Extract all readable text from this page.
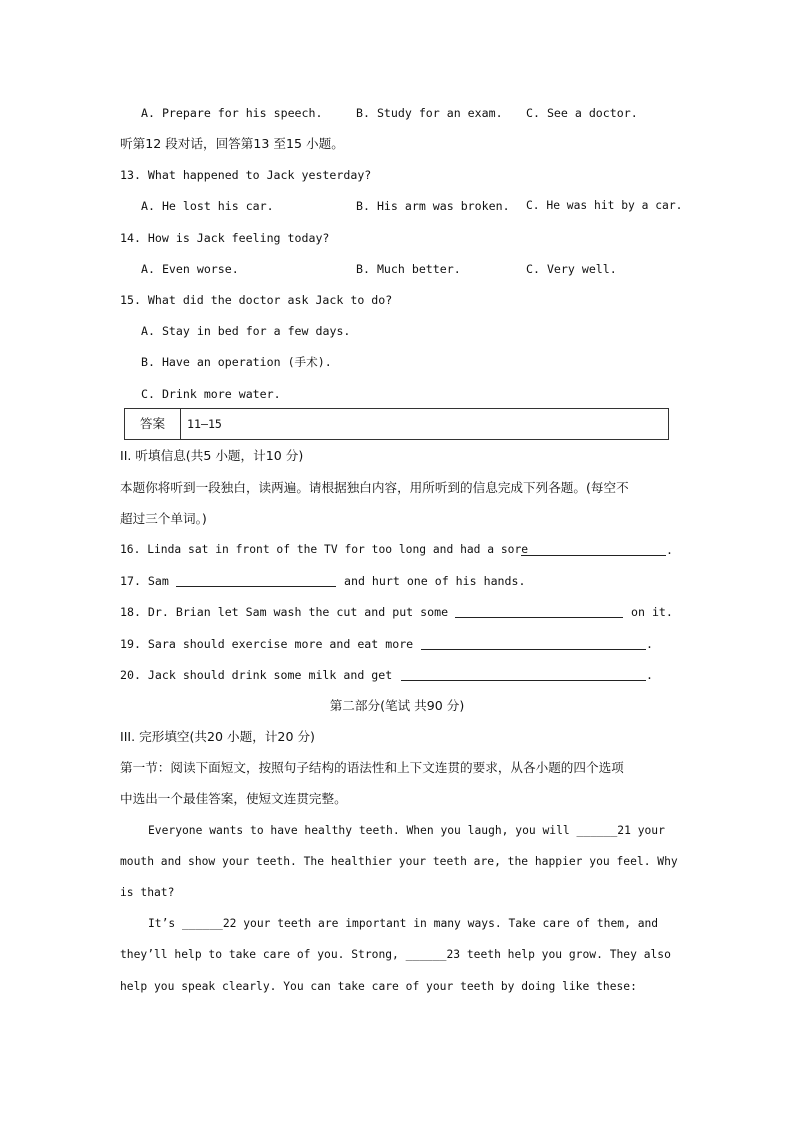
A. Prepare for his speech.	B. Study for an exam. C. See a doctor.
听第12 段对话，回答第13 至15 小题。
13. What happened to Jack yesterday?
A. He lost his car.	B. His arm was broken. C. He was hit by a car.
14. How is Jack feeling today?
A. Even worse.	B. Much better.	C. Very well.
15. What did the doctor ask Jack to do?
A. Stay in bed for a few days.
B. Have an operation (手术).
C. Drink more water.
答案	11—15
II. 听填信息(共5 小题，计10 分)
本题你将听到一段独白，读两遍。请根据独白内容，用所听到的信息完成下列各题。(每空不
超过三个单词。)
16. Linda sat in front of the TV for too long and had a sore	.
17. Sam	and hurt one of his hands.
18. Dr. Brian let Sam wash the cut and put some	on it.
19. Sara should exercise more and eat more	.
20. Jack should drink some milk and get	.
第二部分(笔试 共90 分)
III. 完形填空(共20 小题，计20 分)
第一节：阅读下面短文，按照句子结构的语法性和上下文连贯的要求，从各小题的四个选项
中选出一个最佳答案，使短文连贯完整。
Everyone wants to have healthy teeth. When you laugh, you will ______21 your
mouth and show your teeth. The healthier your teeth are, the happier you feel. Why
is that?
It’s ______22 your teeth are important in many ways. Take care of them, and
they’ll help to take care of you. Strong, ______23 teeth help you grow. They also
help you speak clearly. You can take care of your teeth by doing like these:
